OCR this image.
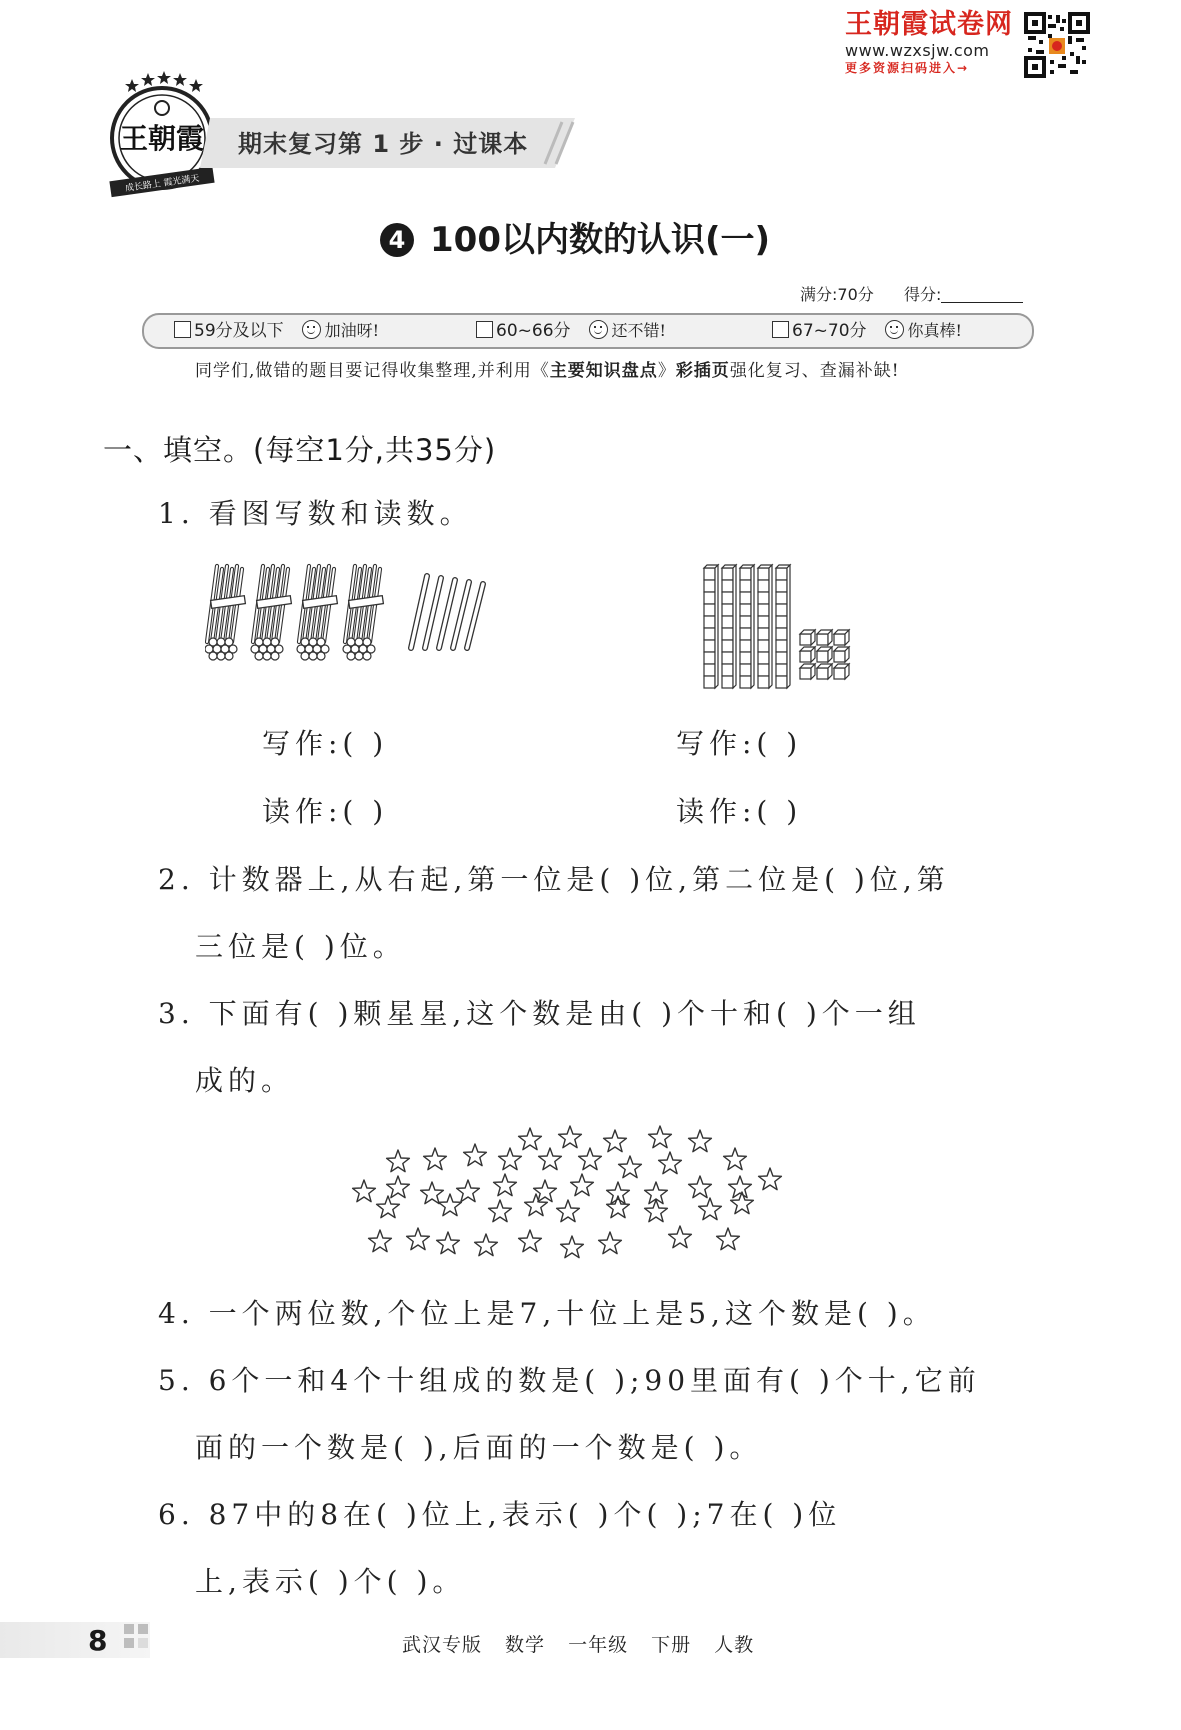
王朝霞试卷网
www.wzxsjw.com
更多资源扫码进入→
王朝霞
成长路上 霞光满天
期末复习第 1 步 · 过课本
4 100以内数的认识(一)
满分:70分 得分:
59分及以下	加油呀!	60~66分	还不错!	67~70分	你真棒!
同学们,做错的题目要记得收集整理,并利用《主要知识盘点》彩插页强化复习、查漏补缺!
一、填空。(每空1分,共35分)
1. 看图写数和读数。
写作:( )
读作:( )
写作:( )
读作:( )
2. 计数器上,从右起,第一位是( )位,第二位是( )位,第
三位是( )位。
3. 下面有( )颗星星,这个数是由( )个十和( )个一组
成的。
4. 一个两位数,个位上是7,十位上是5,这个数是( )。
5. 6个一和4个十组成的数是( );90里面有( )个十,它前
面的一个数是( ),后面的一个数是( )。
6. 87中的8在( )位上,表示( )个( );7在( )位
上,表示( )个( )。
8	武汉专版 数学 一年级 下册 人教
